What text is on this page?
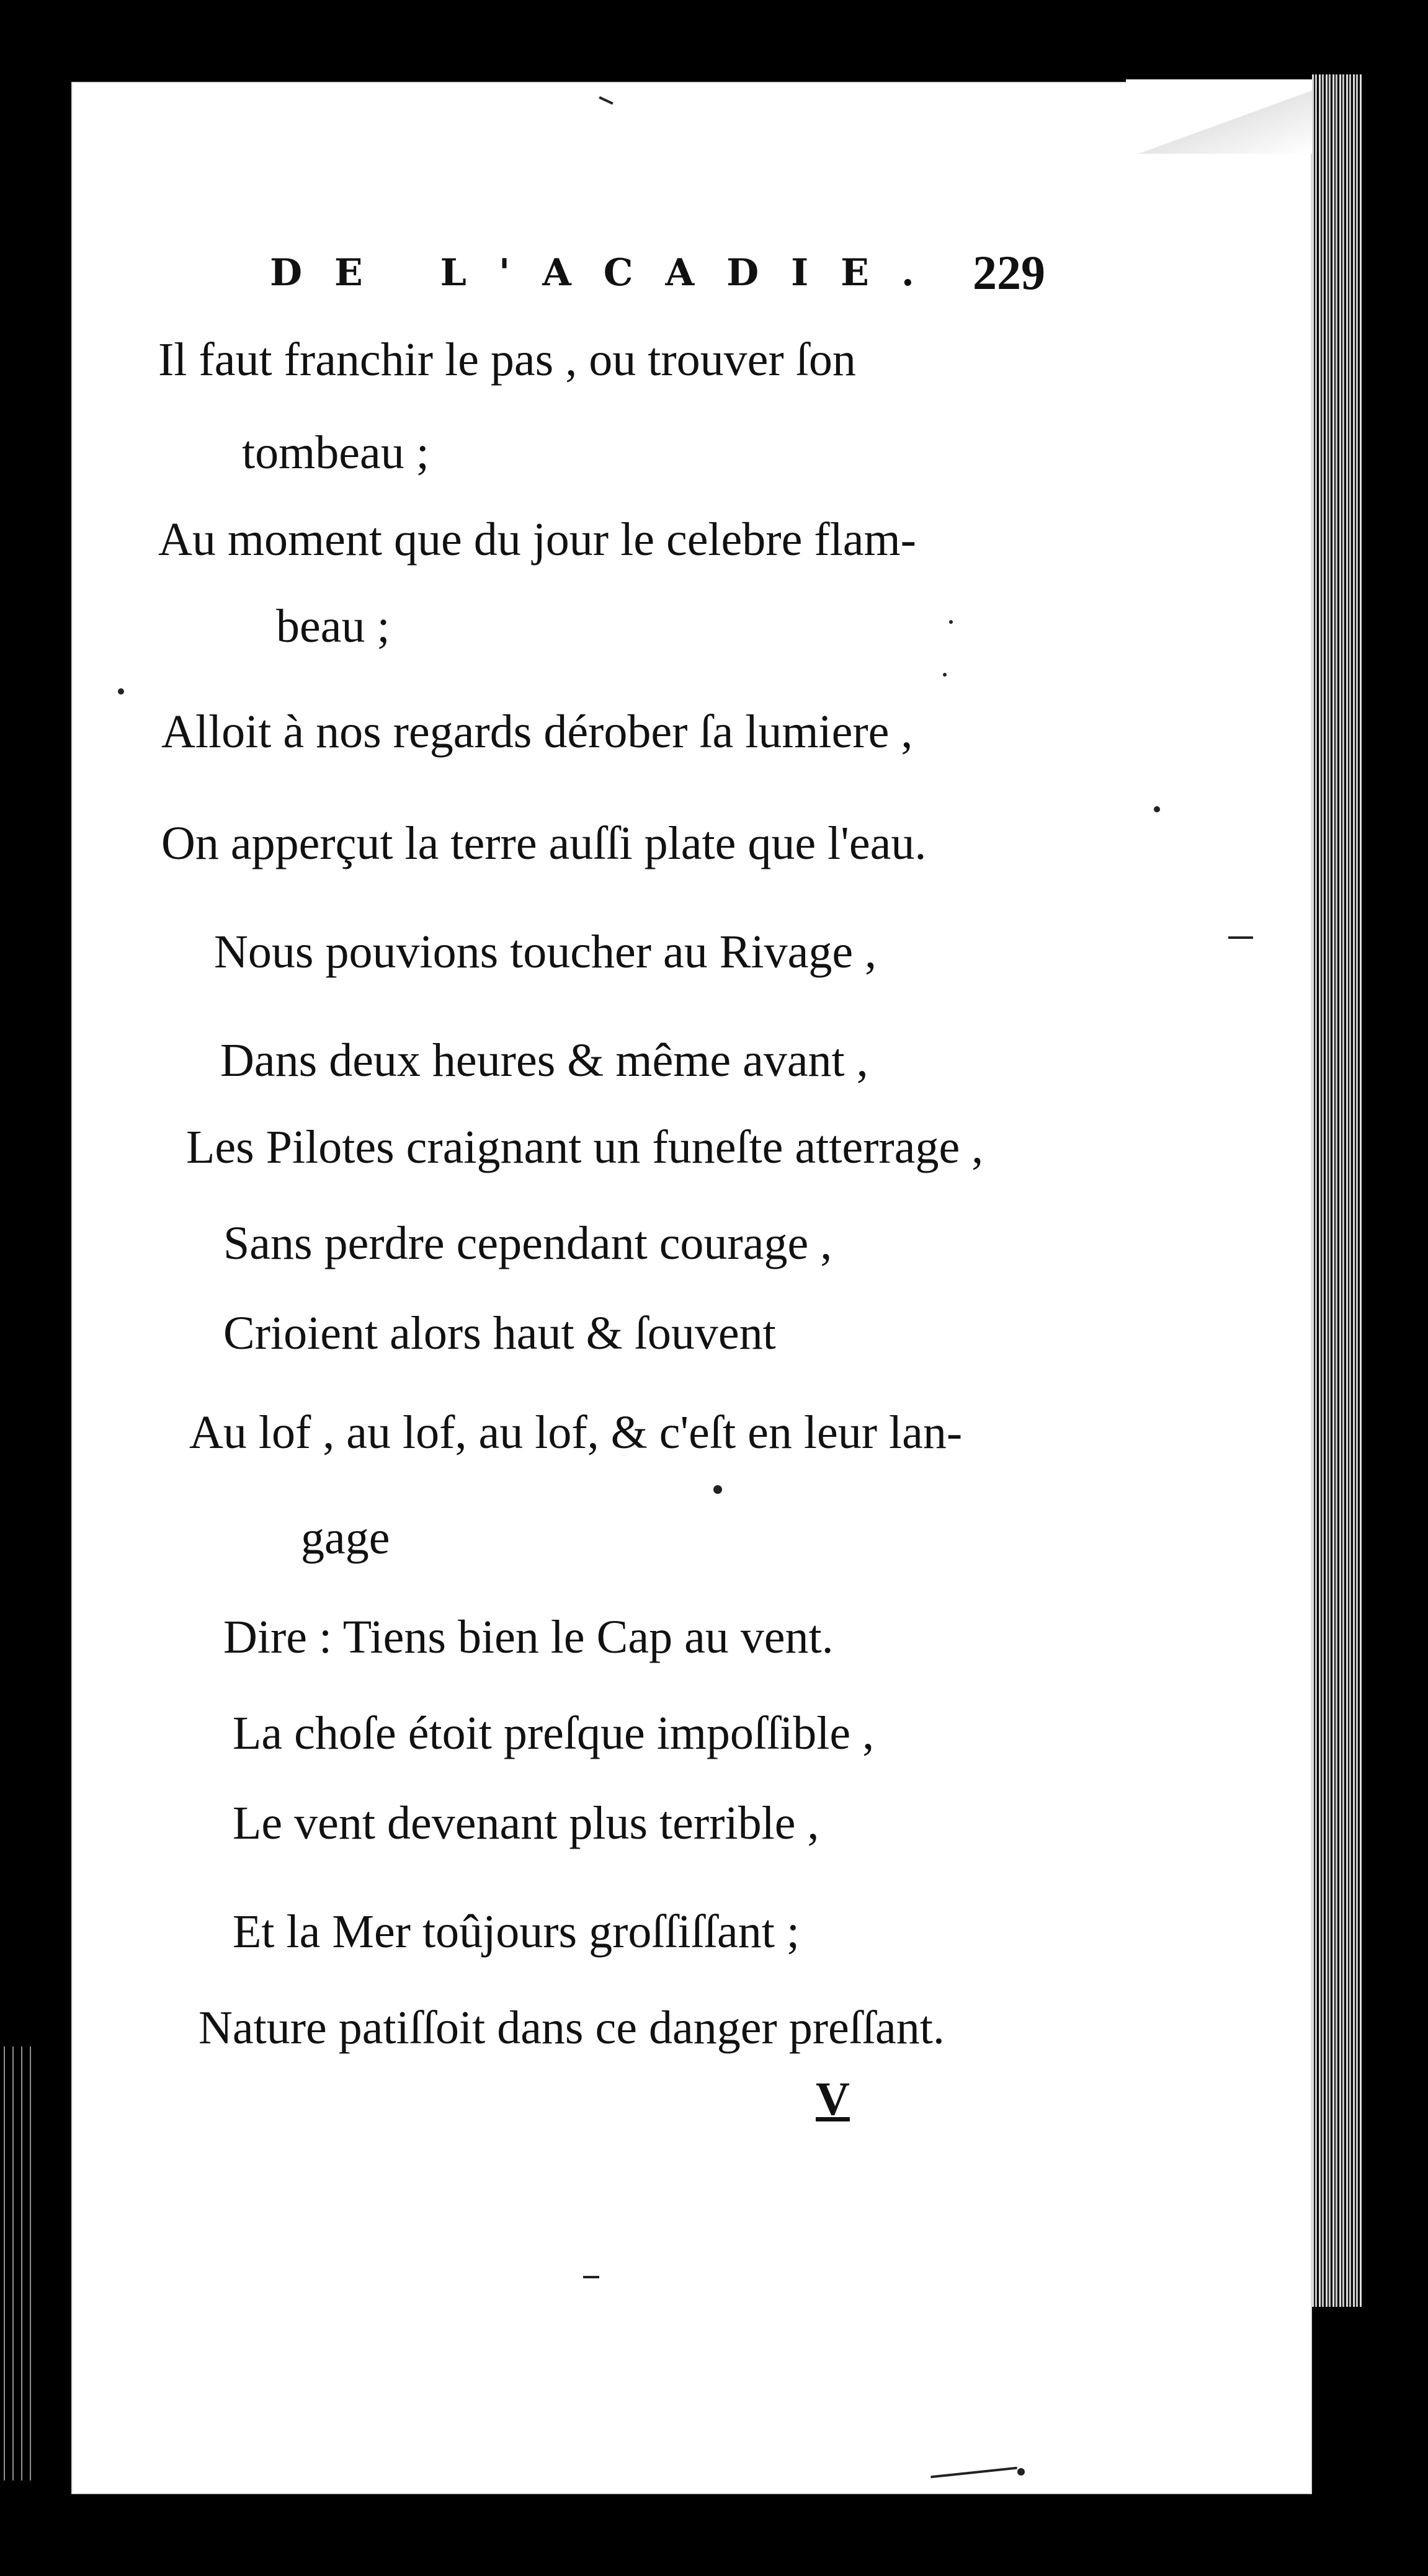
DE L'ACADIE. 229
Il faut franchir le pas , ou trouver ſon
tombeau ;
Au moment que du jour le celebre flam-
beau ;
Alloit à nos regards dérober ſa lumiere ,
On apperçut la terre auſſi plate que l'eau.
Nous pouvions toucher au Rivage ,
Dans deux heures & même avant ,
Les Pilotes craignant un funeſte atterrage ,
Sans perdre cependant courage ,
Crioient alors haut & ſouvent
Au lof , au lof, au lof, & c'eſt en leur lan-
gage
Dire : Tiens bien le Cap au vent.
La choſe étoit preſque impoſſible ,
Le vent devenant plus terrible ,
Et la Mer toûjours groſſiſſant ;
Nature patiſſoit dans ce danger preſſant.
V
